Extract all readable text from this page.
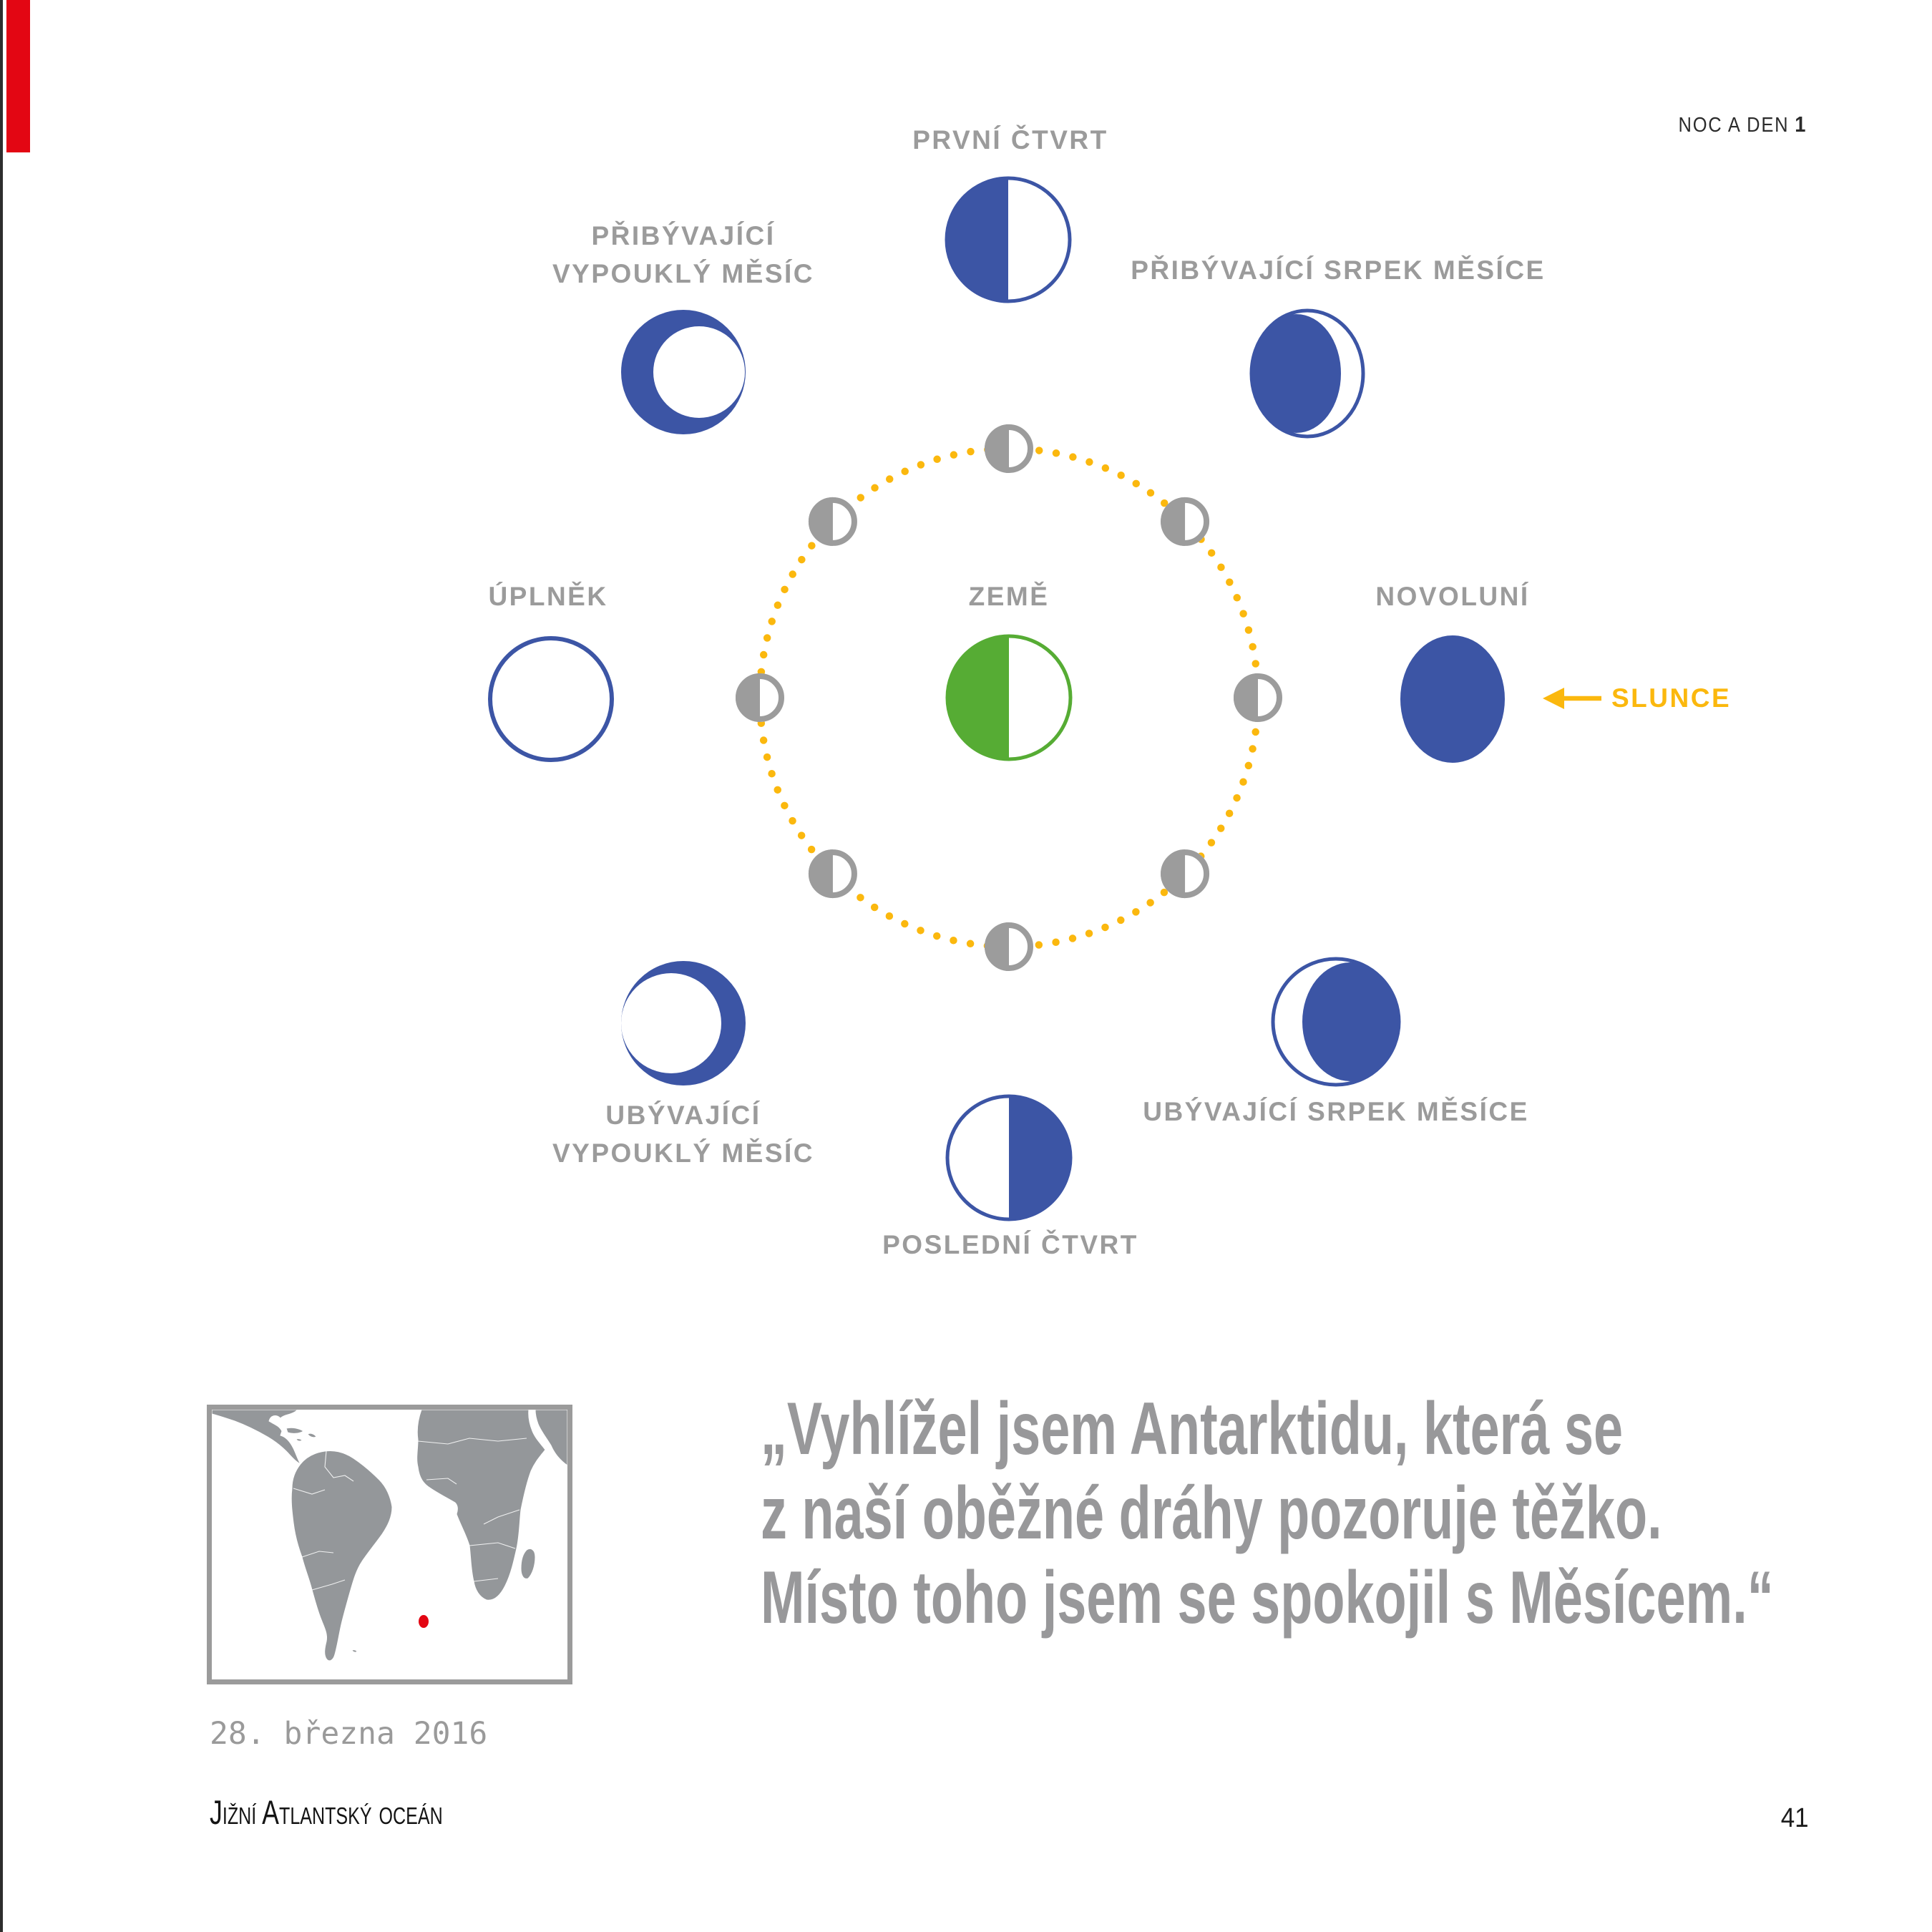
NOC A DEN 1
SLUNCE
PRVNÍ ČTVRT
PŘIBÝVAJÍCÍ
VYPOUKLÝ MĚSÍC	PŘIBÝVAJÍCÍ SRPEK MĚSÍCE
ÚPLNĚK	NOVOLUNÍ
UBÝVAJÍCÍ
VYPOUKLÝ MĚSÍC
POSLEDNÍ ČTVRT
UBÝVAJÍCÍ SRPEK MĚSÍCE
ZEMĚ
„Vyhlížel jsem Antarktidu, která se
z naší oběžné dráhy pozoruje těžko.
Místo toho jsem se spokojil s Měsícem.“
28. března 2016
Jižní Atlantský oceán	41
